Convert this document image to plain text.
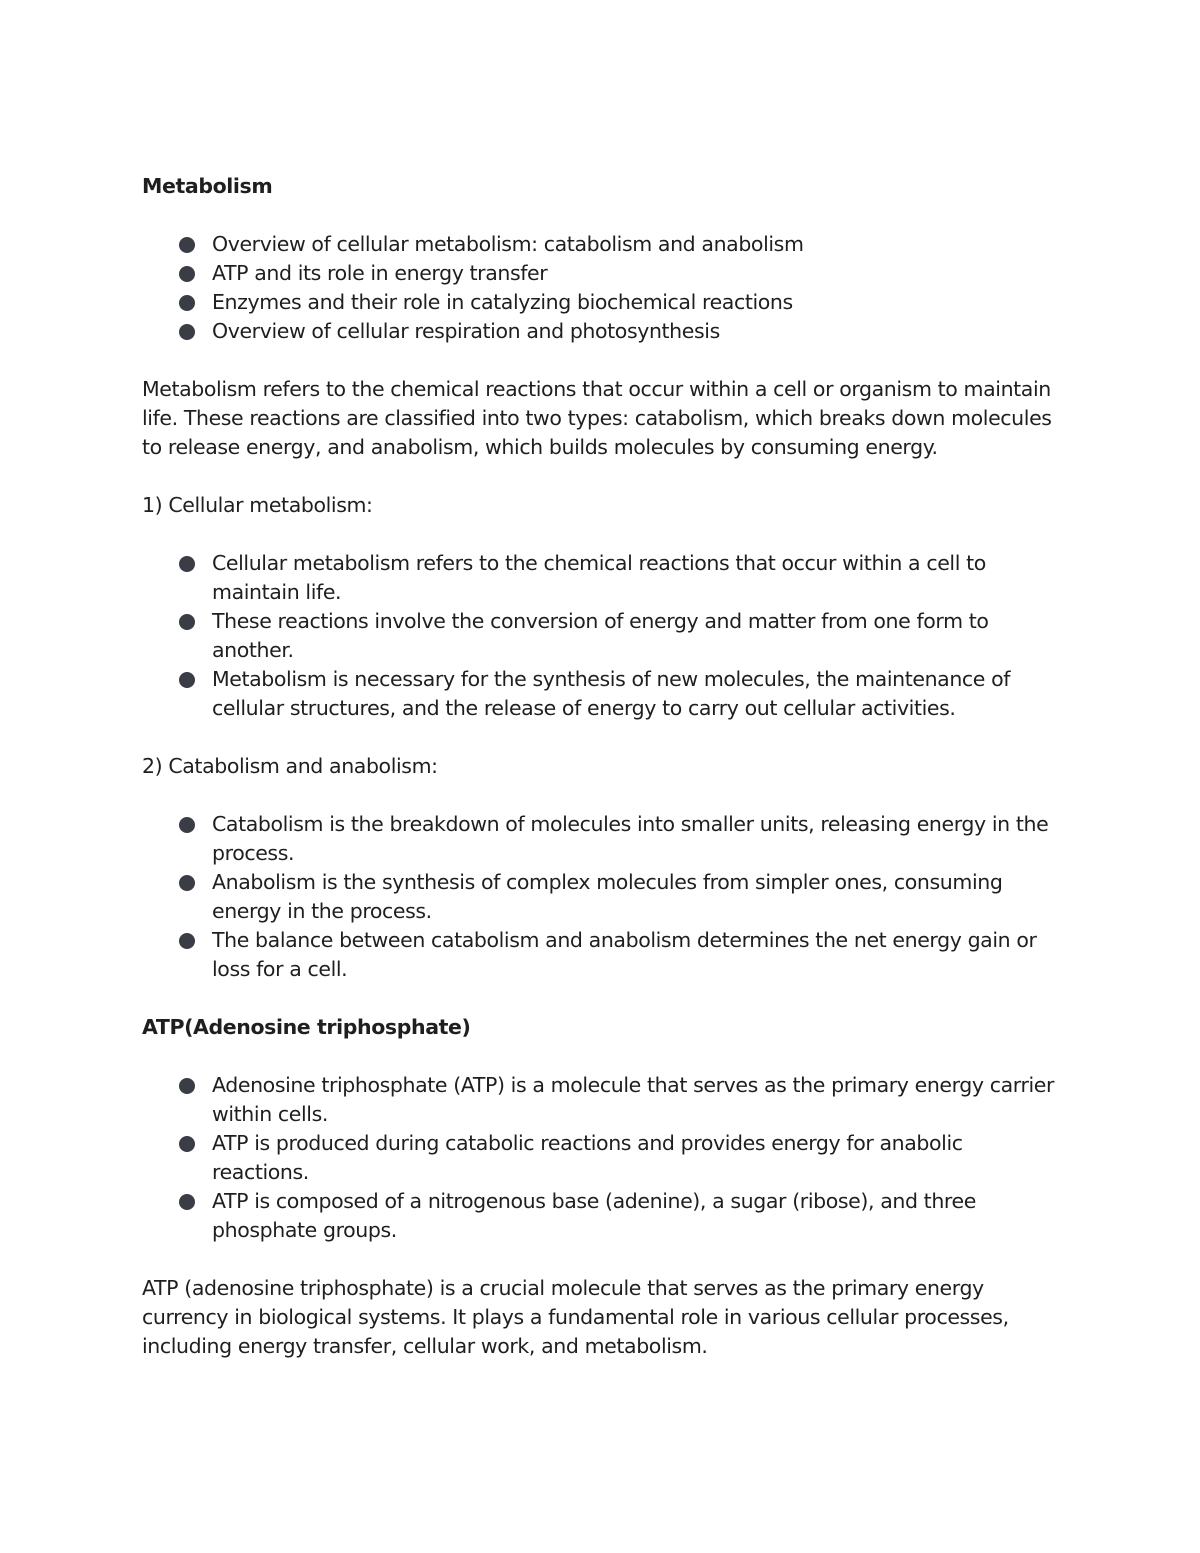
Metabolism

Overview of cellular metabolism: catabolism and anabolism
ATP and its role in energy transfer
Enzymes and their role in catalyzing biochemical reactions
Overview of cellular respiration and photosynthesis

Metabolism refers to the chemical reactions that occur within a cell or organism to maintain life. These reactions are classified into two types: catabolism, which breaks down molecules to release energy, and anabolism, which builds molecules by consuming energy.

1) Cellular metabolism:

Cellular metabolism refers to the chemical reactions that occur within a cell to maintain life.
These reactions involve the conversion of energy and matter from one form to another.
Metabolism is necessary for the synthesis of new molecules, the maintenance of cellular structures, and the release of energy to carry out cellular activities.

2) Catabolism and anabolism:

Catabolism is the breakdown of molecules into smaller units, releasing energy in the process.
Anabolism is the synthesis of complex molecules from simpler ones, consuming energy in the process.
The balance between catabolism and anabolism determines the net energy gain or loss for a cell.

ATP(Adenosine triphosphate)

Adenosine triphosphate (ATP) is a molecule that serves as the primary energy carrier within cells.
ATP is produced during catabolic reactions and provides energy for anabolic reactions.
ATP is composed of a nitrogenous base (adenine), a sugar (ribose), and three phosphate groups.

ATP (adenosine triphosphate) is a crucial molecule that serves as the primary energy currency in biological systems. It plays a fundamental role in various cellular processes, including energy transfer, cellular work, and metabolism.
